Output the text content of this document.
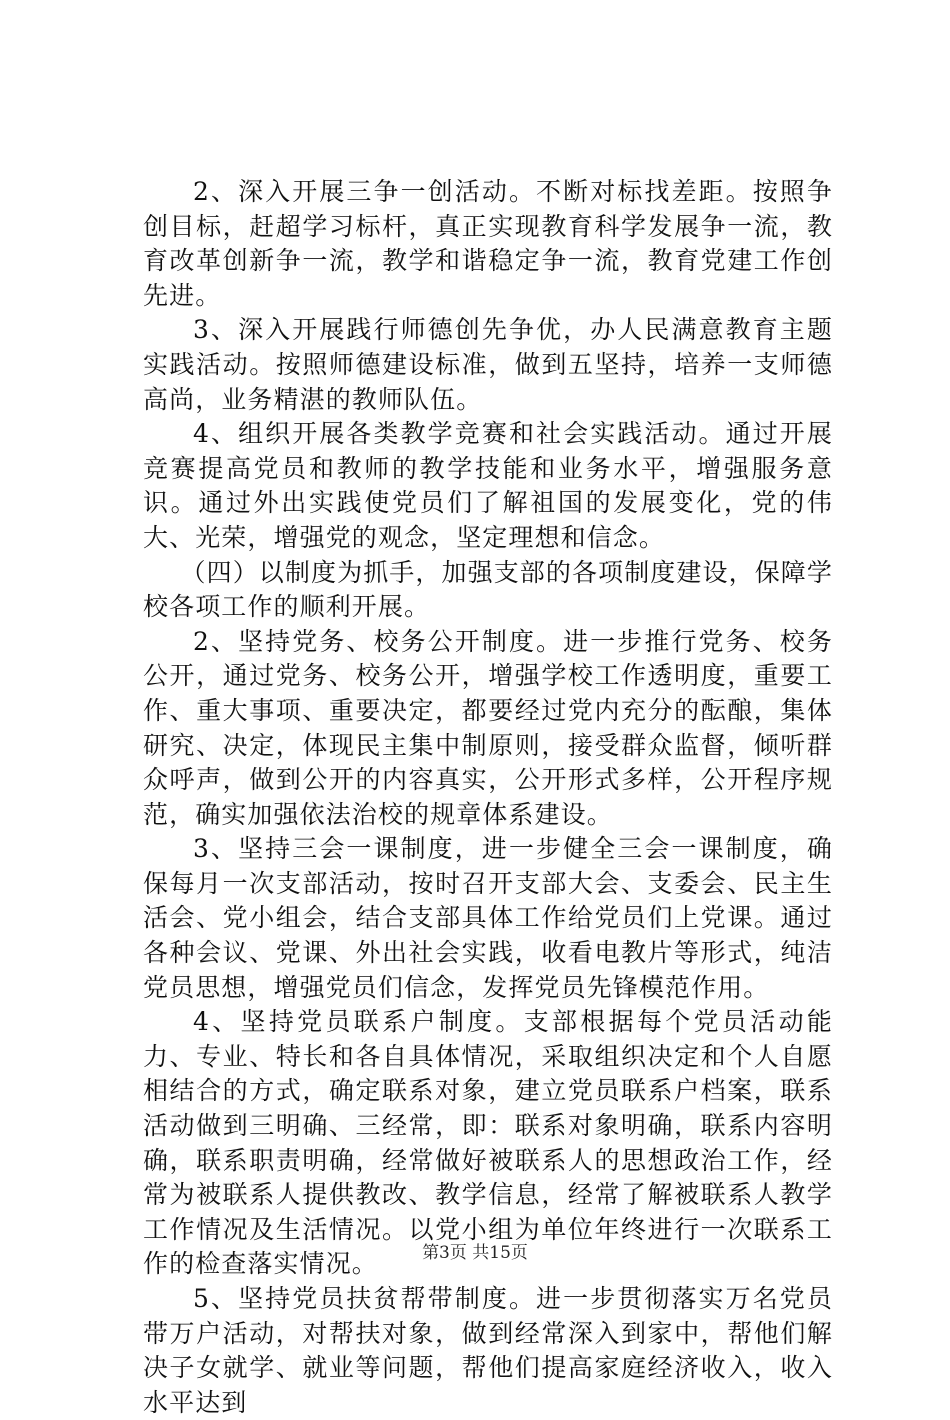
2、深入开展三争一创活动。不断对标找差距。按照争创目标，赶超学习标杆，真正实现教育科学发展争一流，教育改革创新争一流，教学和谐稳定争一流，教育党建工作创先进。

3、深入开展践行师德创先争优，办人民满意教育主题实践活动。按照师德建设标准，做到五坚持，培养一支师德高尚，业务精湛的教师队伍。

4、组织开展各类教学竞赛和社会实践活动。通过开展竞赛提高党员和教师的教学技能和业务水平，增强服务意识。通过外出实践使党员们了解祖国的发展变化，党的伟大、光荣，增强党的观念，坚定理想和信念。

（四）以制度为抓手，加强支部的各项制度建设，保障学校各项工作的顺利开展。

2、坚持党务、校务公开制度。进一步推行党务、校务公开，通过党务、校务公开，增强学校工作透明度，重要工作、重大事项、重要决定，都要经过党内充分的酝酿，集体研究、决定，体现民主集中制原则，接受群众监督，倾听群众呼声，做到公开的内容真实，公开形式多样，公开程序规范，确实加强依法治校的规章体系建设。

3、坚持三会一课制度，进一步健全三会一课制度，确保每月一次支部活动，按时召开支部大会、支委会、民主生活会、党小组会，结合支部具体工作给党员们上党课。通过各种会议、党课、外出社会实践，收看电教片等形式，纯洁党员思想，增强党员们信念，发挥党员先锋模范作用。

4、坚持党员联系户制度。支部根据每个党员活动能力、专业、特长和各自具体情况，采取组织决定和个人自愿相结合的方式，确定联系对象，建立党员联系户档案，联系活动做到三明确、三经常，即：联系对象明确，联系内容明确，联系职责明确，经常做好被联系人的思想政治工作，经常为被联系人提供教改、教学信息，经常了解被联系人教学工作情况及生活情况。以党小组为单位年终进行一次联系工作的检查落实情况。

5、坚持党员扶贫帮带制度。进一步贯彻落实万名党员带万户活动，对帮扶对象，做到经常深入到家中，帮他们解决子女就学、就业等问题，帮他们提高家庭经济收入，收入水平达到

第3页 共15页
